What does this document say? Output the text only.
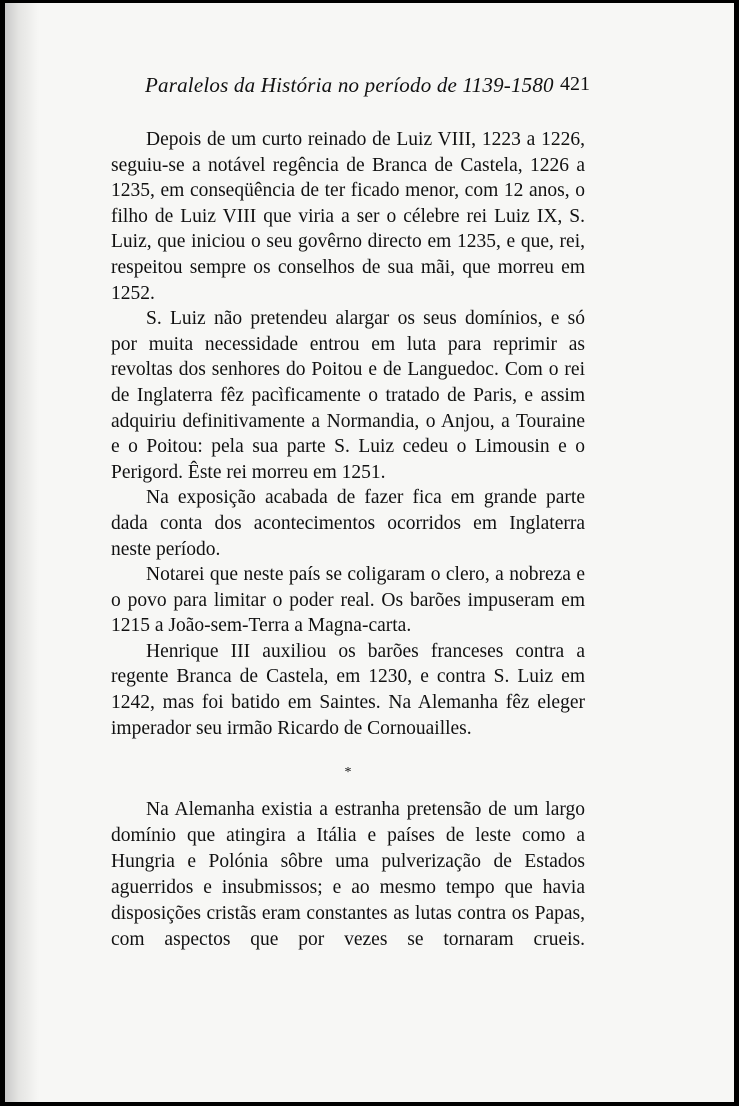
Paralelos da História no período de 1139-1580 421

Depois de um curto reinado de Luiz VIII, 1223 a 1226, seguiu-se a notável regência de Branca de Castela, 1226 a 1235, em conseqüência de ter ficado menor, com 12 anos, o filho de Luiz VIII que viria a ser o célebre rei Luiz IX, S. Luiz, que iniciou o seu govêrno directo em 1235, e que, rei, respeitou sempre os conselhos de sua mãi, que morreu em 1252.

S. Luiz não pretendeu alargar os seus domínios, e só por muita necessidade entrou em luta para reprimir as revoltas dos senhores do Poitou e de Languedoc. Com o rei de Inglaterra fêz pacìficamente o tratado de Paris, e assim adquiriu definitivamente a Normandia, o Anjou, a Touraine e o Poitou: pela sua parte S. Luiz cedeu o Limousin e o Perigord. Êste rei morreu em 1251.

Na exposição acabada de fazer fica em grande parte dada conta dos acontecimentos ocorridos em Inglaterra neste período.

Notarei que neste país se coligaram o clero, a nobreza e o povo para limitar o poder real. Os barões impuseram em 1215 a João-sem-Terra a Magna-carta.

Henrique III auxiliou os barões franceses contra a regente Branca de Castela, em 1230, e contra S. Luiz em 1242, mas foi batido em Saintes. Na Alemanha fêz eleger imperador seu irmão Ricardo de Cornouailles.

*

Na Alemanha existia a estranha pretensão de um largo domínio que atingira a Itália e países de leste como a Hungria e Polónia sôbre uma pulverização de Estados aguerridos e insubmissos; e ao mesmo tempo que havia disposições cristãs eram constantes as lutas contra os Papas, com aspectos que por vezes se tornaram crueis.
